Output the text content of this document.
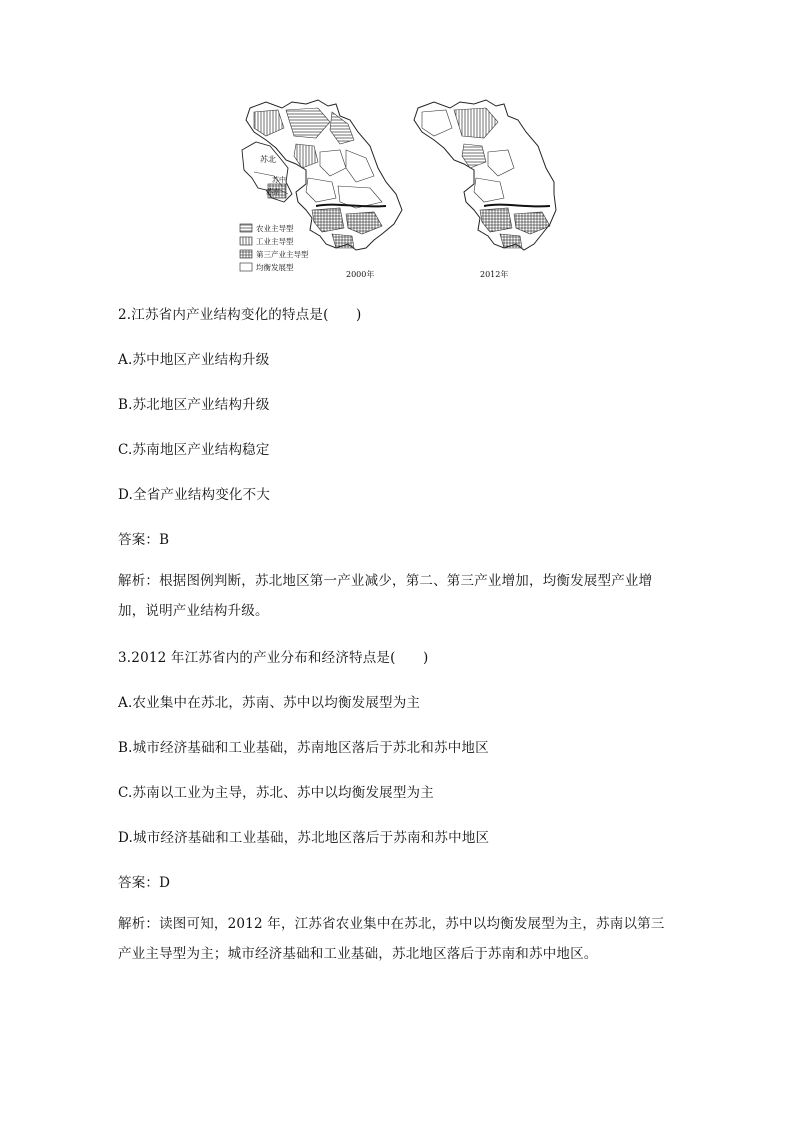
苏北
苏中
苏南
农业主导型
工业主导型
第三产业主导型
均衡发展型
2000年	2012年
2.江苏省内产业结构变化的特点是(　　)
A.苏中地区产业结构升级
B.苏北地区产业结构升级
C.苏南地区产业结构稳定
D.全省产业结构变化不大
答案：B
解析：根据图例判断，苏北地区第一产业减少，第二、第三产业增加，均衡发展型产业增加，说明产业结构升级。
3.2012 年江苏省内的产业分布和经济特点是(　　)
A.农业集中在苏北，苏南、苏中以均衡发展型为主
B.城市经济基础和工业基础，苏南地区落后于苏北和苏中地区
C.苏南以工业为主导，苏北、苏中以均衡发展型为主
D.城市经济基础和工业基础，苏北地区落后于苏南和苏中地区
答案：D
解析：读图可知，2012 年，江苏省农业集中在苏北，苏中以均衡发展型为主，苏南以第三产业主导型为主；城市经济基础和工业基础，苏北地区落后于苏南和苏中地区。
